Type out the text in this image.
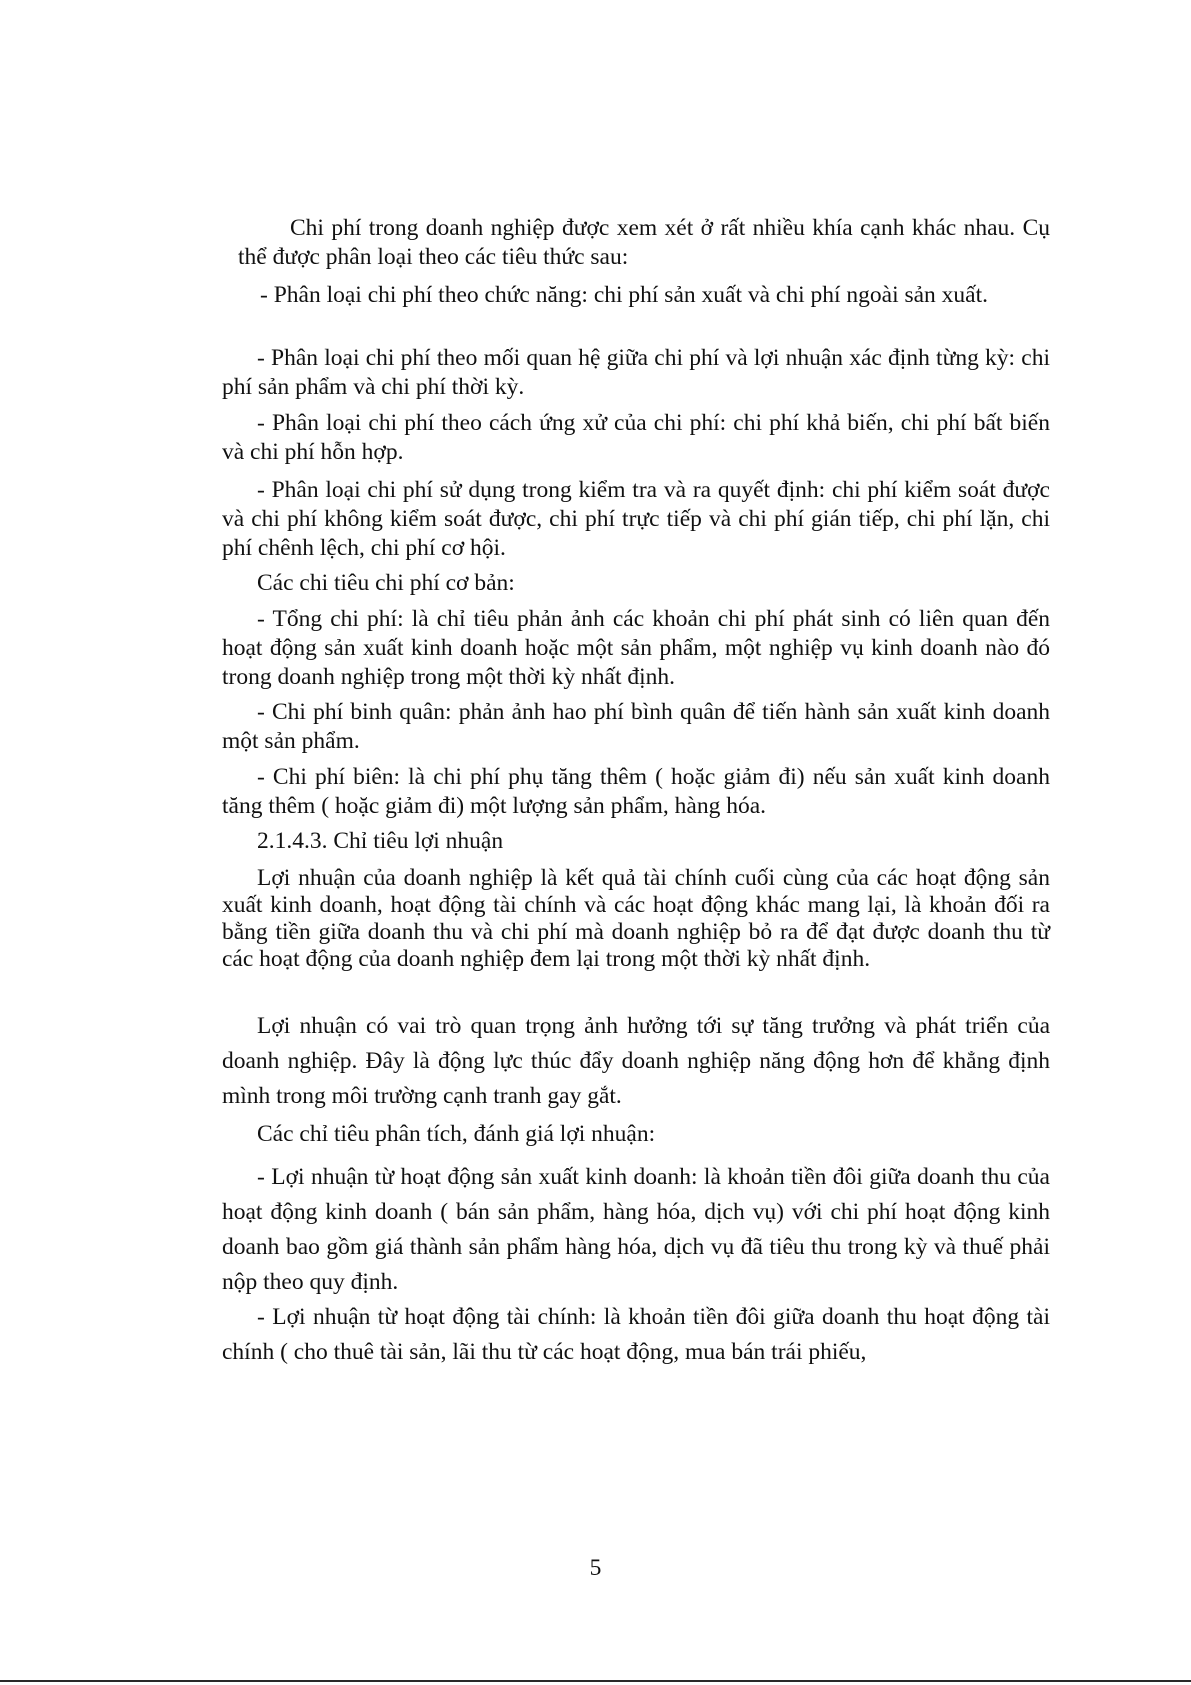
Chi phí trong doanh nghiệp được xem xét ở rất nhiều khía cạnh khác nhau. Cụ thể được phân loại theo các tiêu thức sau:

- Phân loại chi phí theo chức năng: chi phí sản xuất và chi phí ngoài sản xuất.

- Phân loại chi phí theo mối quan hệ giữa chi phí và lợi nhuận xác định từng kỳ: chi phí sản phẩm và chi phí thời kỳ.

- Phân loại chi phí theo cách ứng xử của chi phí: chi phí khả biến, chi phí bất biến và chi phí hỗn hợp.

- Phân loại chi phí sử dụng trong kiểm tra và ra quyết định: chi phí kiểm soát được và chi phí không kiểm soát được, chi phí trực tiếp và chi phí gián tiếp, chi phí lặn, chi phí chênh lệch, chi phí cơ hội.

Các chi tiêu chi phí cơ bản:

- Tổng chi phí: là chỉ tiêu phản ảnh các khoản chi phí phát sinh có liên quan đến hoạt động sản xuất kinh doanh hoặc một sản phẩm, một nghiệp vụ kinh doanh nào đó trong doanh nghiệp trong một thời kỳ nhất định.

- Chi phí binh quân: phản ảnh hao phí bình quân để tiến hành sản xuất kinh doanh một sản phẩm.

- Chi phí biên: là chi phí phụ tăng thêm ( hoặc giảm đi) nếu sản xuất kinh doanh tăng thêm ( hoặc giảm đi) một lượng sản phẩm, hàng hóa.

2.1.4.3. Chỉ tiêu lợi nhuận

Lợi nhuận của doanh nghiệp là kết quả tài chính cuối cùng của các hoạt động sản xuất kinh doanh, hoạt động tài chính và các hoạt động khác mang lại, là khoản đối ra bằng tiền giữa doanh thu và chi phí mà doanh nghiệp bỏ ra để đạt được doanh thu từ các hoạt động của doanh nghiệp đem lại trong một thời kỳ nhất định.

Lợi nhuận có vai trò quan trọng ảnh hưởng tới sự tăng trưởng và phát triển của doanh nghiệp. Đây là động lực thúc đẩy doanh nghiệp năng động hơn để khẳng định mình trong môi trường cạnh tranh gay gắt.

Các chỉ tiêu phân tích, đánh giá lợi nhuận:

- Lợi nhuận từ hoạt động sản xuất kinh doanh: là khoản tiền đôi giữa doanh thu của hoạt động kinh doanh ( bán sản phẩm, hàng hóa, dịch vụ) với chi phí hoạt động kinh doanh bao gồm giá thành sản phẩm hàng hóa, dịch vụ đã tiêu thu trong kỳ và thuế phải nộp theo quy định.

- Lợi nhuận từ hoạt động tài chính: là khoản tiền đôi giữa doanh thu hoạt động tài chính ( cho thuê tài sản, lãi thu từ các hoạt động, mua bán trái phiếu,

5
